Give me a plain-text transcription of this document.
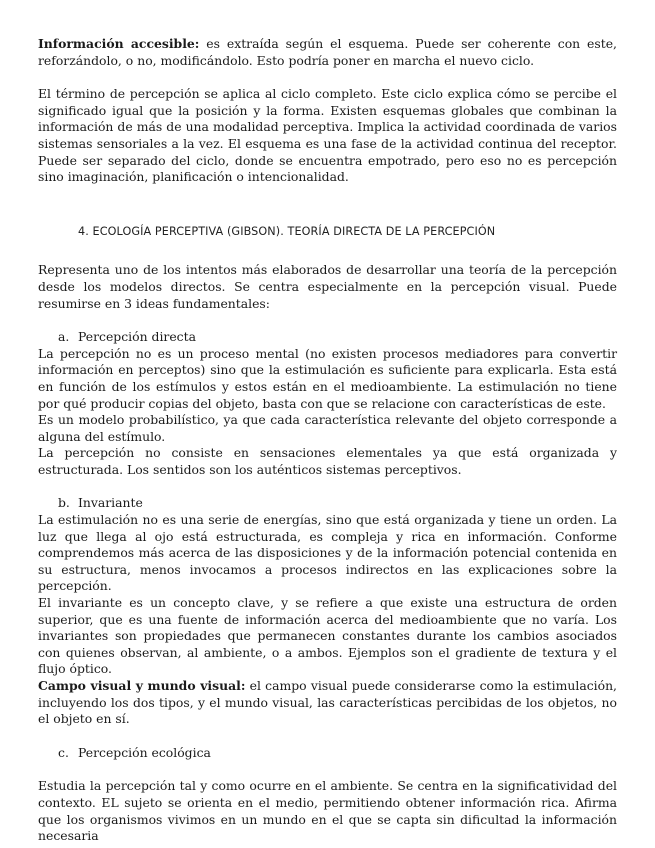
Información accesible: es extraída según el esquema. Puede ser coherente con este, reforzándolo, o no, modificándolo. Esto podría poner en marcha el nuevo ciclo.

El término de percepción se aplica al ciclo completo. Este ciclo explica cómo se percibe el significado igual que la posición y la forma. Existen esquemas globales que combinan la información de más de una modalidad perceptiva. Implica la actividad coordinada de varios sistemas sensoriales a la vez. El esquema es una fase de la actividad continua del receptor. Puede ser separado del ciclo, donde se encuentra empotrado, pero eso no es percepción sino imaginación, planificación o intencionalidad.

4. ECOLOGÍA PERCEPTIVA (GIBSON). TEORÍA DIRECTA DE LA PERCEPCIÓN

Representa uno de los intentos más elaborados de desarrollar una teoría de la percepción desde los modelos directos. Se centra especialmente en la percepción visual. Puede resumirse en 3 ideas fundamentales:

a. Percepción directa

La percepción no es un proceso mental (no existen procesos mediadores para convertir información en perceptos) sino que la estimulación es suficiente para explicarla. Esta está en función de los estímulos y estos están en el medioambiente. La estimulación no tiene por qué producir copias del objeto, basta con que se relacione con características de este.

Es un modelo probabilístico, ya que cada característica relevante del objeto corresponde a alguna del estímulo.

La percepción no consiste en sensaciones elementales ya que está organizada y estructurada. Los sentidos son los auténticos sistemas perceptivos.

b. Invariante

La estimulación no es una serie de energías, sino que está organizada y tiene un orden. La luz que llega al ojo está estructurada, es compleja y rica en información. Conforme comprendemos más acerca de las disposiciones y de la información potencial contenida en su estructura, menos invocamos a procesos indirectos en las explicaciones sobre la percepción.

El invariante es un concepto clave, y se refiere a que existe una estructura de orden superior, que es una fuente de información acerca del medioambiente que no varía. Los invariantes son propiedades que permanecen constantes durante los cambios asociados con quienes observan, al ambiente, o a ambos. Ejemplos son el gradiente de textura y el flujo óptico.

Campo visual y mundo visual: el campo visual puede considerarse como la estimulación, incluyendo los dos tipos, y el mundo visual, las características percibidas de los objetos, no el objeto en sí.

c. Percepción ecológica

Estudia la percepción tal y como ocurre en el ambiente. Se centra en la significatividad del contexto. EL sujeto se orienta en el medio, permitiendo obtener información rica. Afirma que los organismos vivimos en un mundo en el que se capta sin dificultad la información necesaria
